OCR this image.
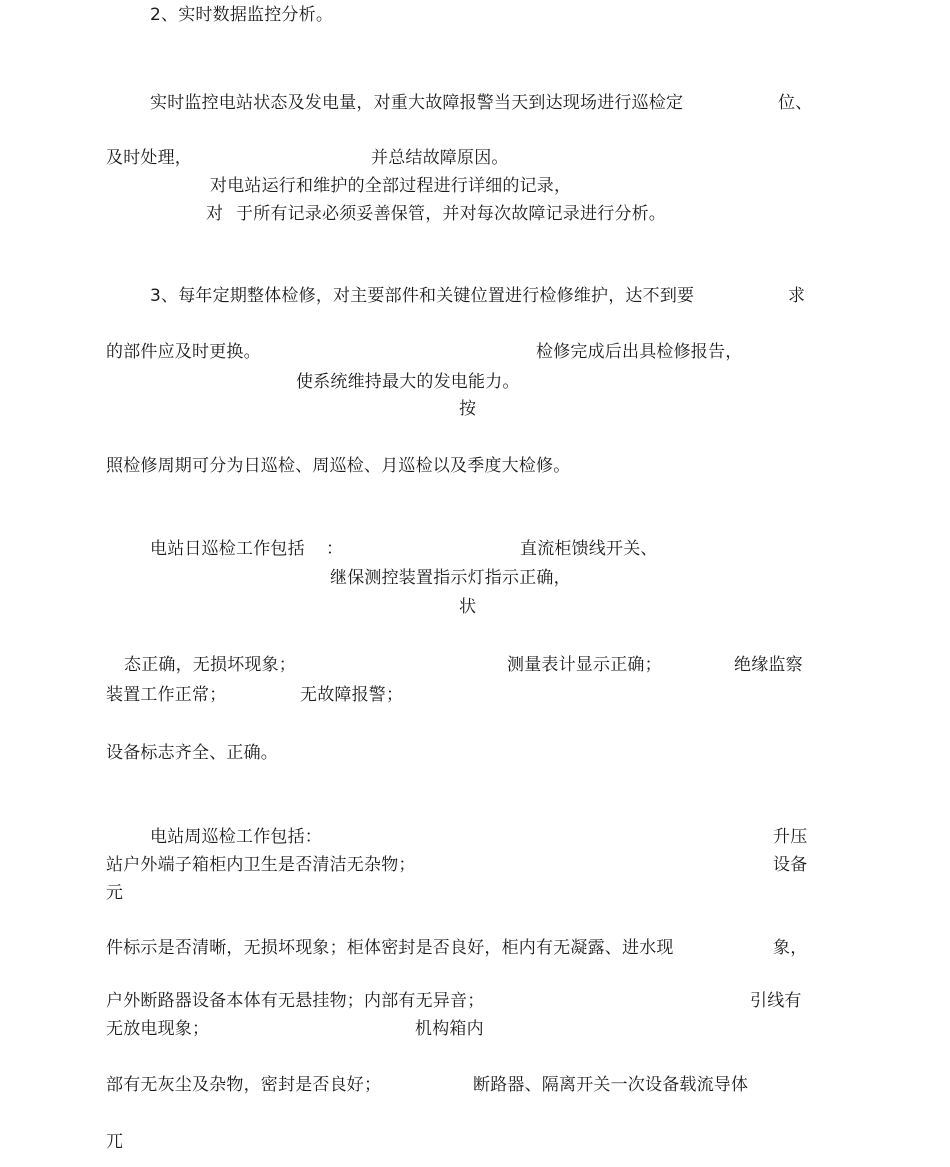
2、实时数据监控分析。
实时监控电站状态及发电量，对重大故障报警当天到达现场进行巡检定	位、
及时处理，	并总结故障原因。
对电站运行和维护的全部过程进行详细的记录，
对 于所有记录必须妥善保管，并对每次故障记录进行分析。
3、每年定期整体检修，对主要部件和关键位置进行检修维护，达不到要	求
的部件应及时更换。	检修完成后出具检修报告，
使系统维持最大的发电能力。
按
照检修周期可分为日巡检、周巡检、月巡检以及季度大检修。
电站日巡检工作包括 ：	直流柜馈线开关、
继保测控装置指示灯指示正确，
状
态正确，无损坏现象；	测量表计显示正确；	绝缘监察
装置工作正常；	无故障报警；
设备标志齐全、正确。
电站周巡检工作包括：	升压
站户外端子箱柜内卫生是否清洁无杂物；	设备
元
件标示是否清晰，无损坏现象；柜体密封是否良好，柜内有无凝露、进水现	象，
户外断路器设备本体有无悬挂物；内部有无异音；	引线有
无放电现象；	机构箱内
部有无灰尘及杂物，密封是否良好；	断路器、隔离开关一次设备载流导体
兀
